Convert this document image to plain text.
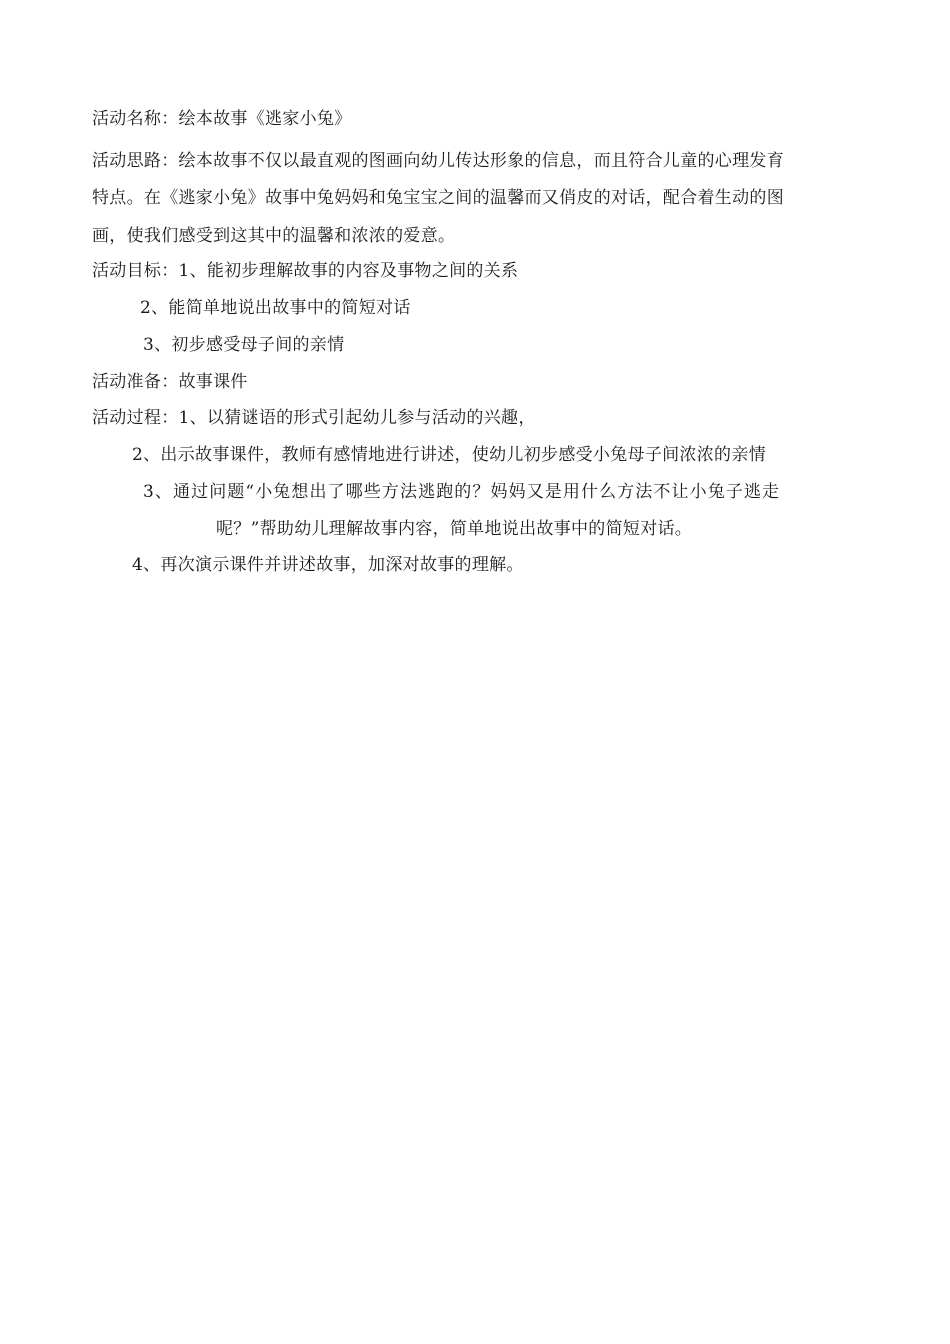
活动名称：绘本故事《逃家小兔》
活动思路：绘本故事不仅以最直观的图画向幼儿传达形象的信息，而且符合儿童的心理发育
特点。在《逃家小兔》故事中兔妈妈和兔宝宝之间的温馨而又俏皮的对话，配合着生动的图
画，使我们感受到这其中的温馨和浓浓的爱意。
活动目标：1、能初步理解故事的内容及事物之间的关系
2、能简单地说出故事中的简短对话
3、初步感受母子间的亲情
活动准备：故事课件
活动过程：1、以猜谜语的形式引起幼儿参与活动的兴趣，
2、出示故事课件，教师有感情地进行讲述，使幼儿初步感受小兔母子间浓浓的亲情
3、通过问题“小兔想出了哪些方法逃跑的？妈妈又是用什么方法不让小兔子逃走
呢？”帮助幼儿理解故事内容，简单地说出故事中的简短对话。
4、再次演示课件并讲述故事，加深对故事的理解。
